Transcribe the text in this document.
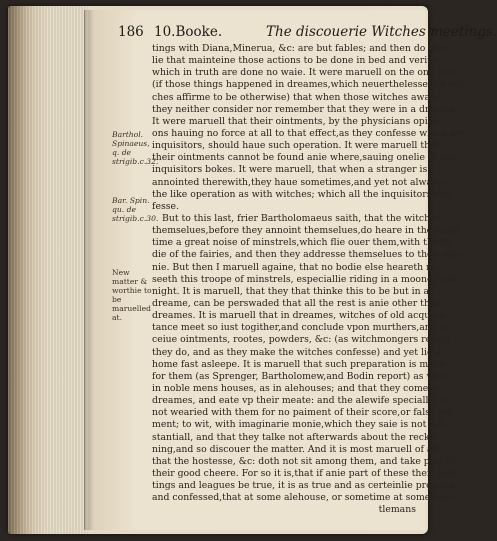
186 10.Booke.	The discouerie Witches meetings.
Barthol. Spinaeus, q. de strigib.c.32.
Bar. Spin. qu. de strigib.c.30.
New matter & worthie to be maruelled at.
tings with Diana,Minerua, &c: are but fables; and then do they
lie that mainteine those actions to be done in bed and veritie,
which in truth are done no waie. It were maruell on the one side
(if those things happened in dreames,which neuerthelesse the wit-
ches affirme to be otherwise) that when those witches awake,
they neither consider nor remember that they were in a dreame.
It were maruell that their ointments, by the physicians opini-
ons hauing no force at all to that effect,as they confesse which are
inquisitors, should haue such operation. It were maruell that
their ointments cannot be found anie where,sauing onelie in the
inquisitors bokes. It were maruell, that when a stranger is
annointed therewith,they haue sometimes,and yet not alwaies,
the like operation as with witches; which all the inquisitors con-
fesse.
But to this last, frier Bartholomaeus saith, that the witches
themselues,before they annoint themselues,do heare in the night
time a great noise of minstrels,which flie ouer them,with the la-
die of the fairies, and then they addresse themselues to their iour-
nie. But then I maruell againe, that no bodie else heareth nor
seeth this troope of minstrels, especiallie riding in a moone light
night. It is maruell, that they that thinke this to be but in a
dreame, can be perswaded that all the rest is anie other than
dreames. It is maruell that in dreames, witches of old acquain-
tance meet so iust togither,and conclude vpon murthers,and re-
ceiue ointments, rootes, powders, &c: (as witchmongers report
they do, and as they make the witches confesse) and yet lie at
home fast asleepe. It is maruell that such preparation is made
for them (as Sprenger, Bartholomew,and Bodin report) as well
in noble mens houses, as in alehouses; and that they come in
dreames, and eate vp their meate: and the alewife speciallie is
not wearied with them for no paiment of their score,or false pai-
ment; to wit, with imaginarie monie,which they saie is not sub-
stantiall, and that they talke not afterwards about the recko-
ning,and so discouer the matter. And it is most maruell of all,
that the hostesse, &c: doth not sit among them, and take part of
their good cheere. For so it is,that if anie part of these their mee-
tings and leagues be true, it is as true and as certeinlie prooued
and confessed,that at some alehouse, or sometime at some Gen-
tlemans
